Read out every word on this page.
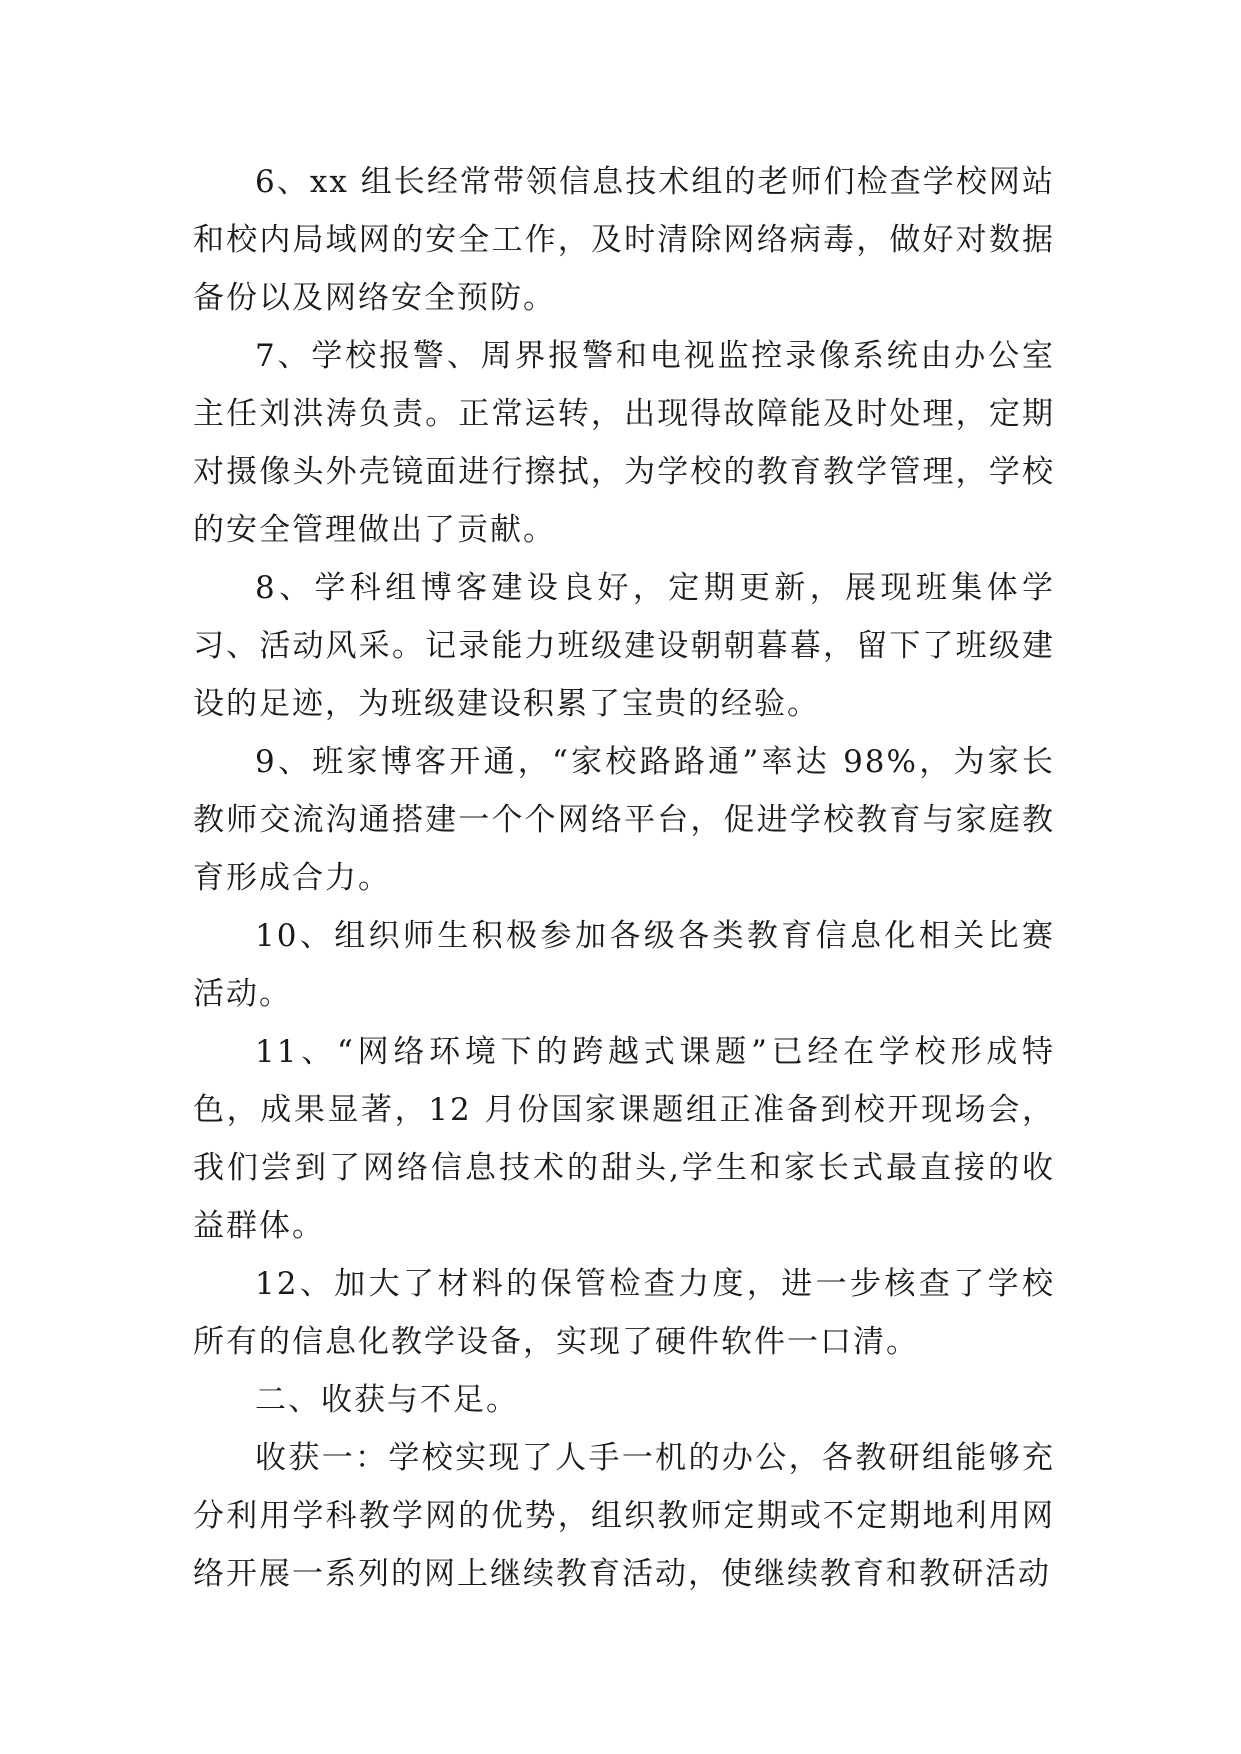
6、xx 组长经常带领信息技术组的老师们检查学校网站和校内局域网的安全工作，及时清除网络病毒，做好对数据备份以及网络安全预防。

7、学校报警、周界报警和电视监控录像系统由办公室主任刘洪涛负责。正常运转，出现得故障能及时处理，定期对摄像头外壳镜面进行擦拭，为学校的教育教学管理，学校的安全管理做出了贡献。

8、学科组博客建设良好，定期更新，展现班集体学习、活动风采。记录能力班级建设朝朝暮暮，留下了班级建设的足迹，为班级建设积累了宝贵的经验。

9、班家博客开通，“家校路路通”率达 98%，为家长教师交流沟通搭建一个个网络平台，促进学校教育与家庭教育形成合力。

10、组织师生积极参加各级各类教育信息化相关比赛活动。

11、“网络环境下的跨越式课题”已经在学校形成特色，成果显著，12 月份国家课题组正准备到校开现场会，我们尝到了网络信息技术的甜头,学生和家长式最直接的收益群体。

12、加大了材料的保管检查力度，进一步核查了学校所有的信息化教学设备，实现了硬件软件一口清。

二、收获与不足。

收获一：学校实现了人手一机的办公，各教研组能够充分利用学科教学网的优势，组织教师定期或不定期地利用网络开展一系列的网上继续教育活动，使继续教育和教研活动
